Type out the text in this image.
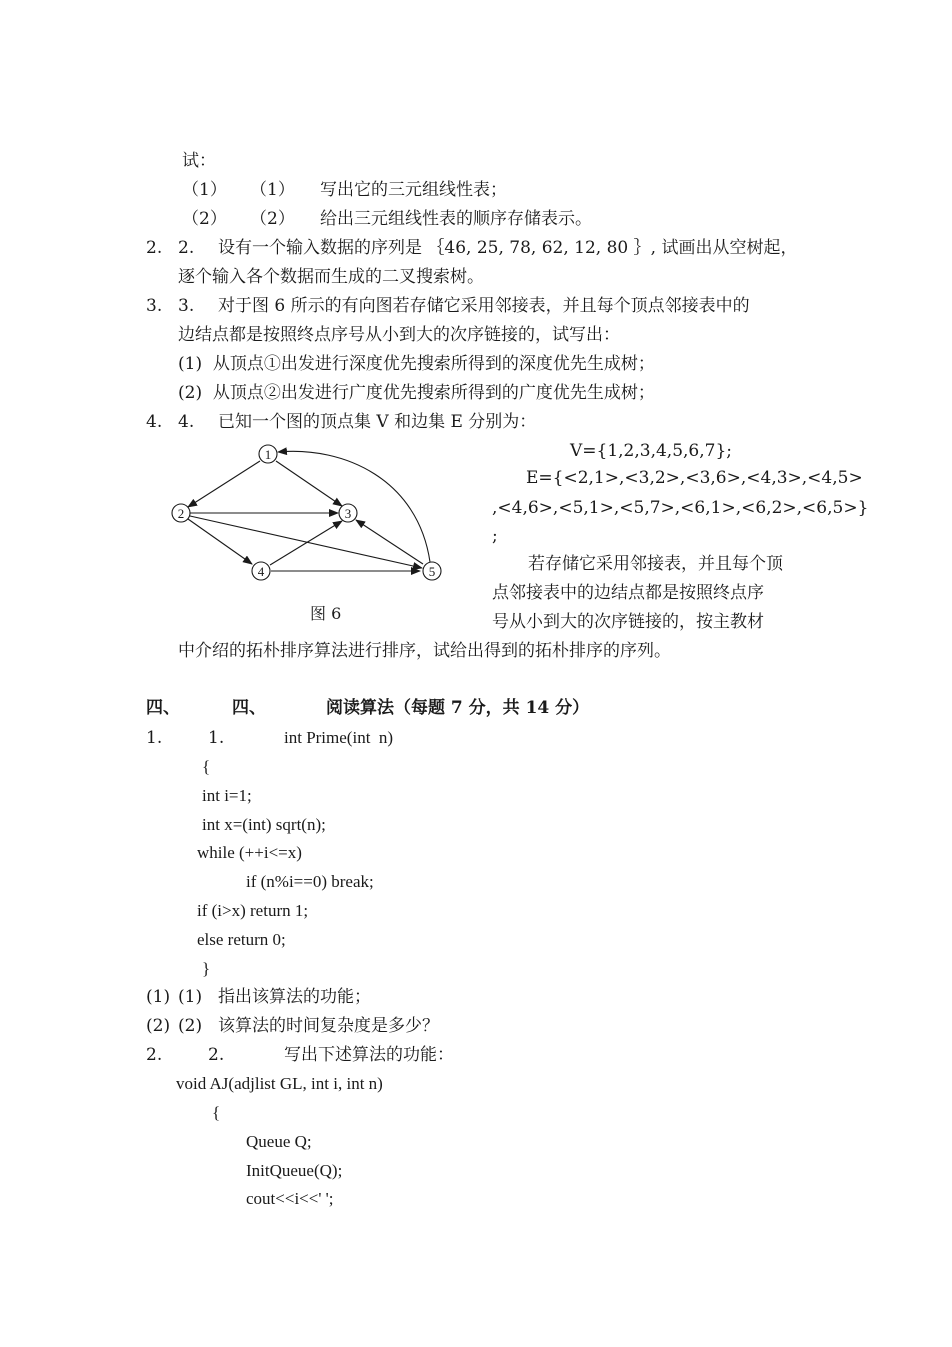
试：
（1） （1） 写出它的三元组线性表；
（2） （2） 给出三元组线性表的顺序存储表示。
2. 2. 设有一个输入数据的序列是 ｛46, 25, 78, 62, 12, 80 ｝, 试画出从空树起，
逐个输入各个数据而生成的二叉搜索树。
3. 3. 对于图 6 所示的有向图若存储它采用邻接表，并且每个顶点邻接表中的
边结点都是按照终点序号从小到大的次序链接的，试写出：
(1)  从顶点①出发进行深度优先搜索所得到的深度优先生成树；
(2)  从顶点②出发进行广度优先搜索所得到的广度优先生成树；
4. 4. 已知一个图的顶点集 V 和边集 E 分别为：
V={1,2,3,4,5,6,7};
E={<2,1>,<3,2>,<3,6>,<4,3>,<4,5>
,<4,6>,<5,1>,<5,7>,<6,1>,<6,2>,<6,5>}
;
若存储它采用邻接表，并且每个顶
点邻接表中的边结点都是按照终点序
号从小到大的次序链接的，按主教材
中介绍的拓朴排序算法进行排序，试给出得到的拓朴排序的序列。
1
2	3
4	5
图 6
四、	四、	阅读算法（每题 7 分，共 14 分）
1.	1.	int Prime(int  n)
{
int i=1;
int x=(int) sqrt(n);
while (++i<=x)
if (n%i==0) break;
if (i>x) return 1;
else return 0;
}
(1) (1) 指出该算法的功能；
(2) (2) 该算法的时间复杂度是多少？
2.	2.	写出下述算法的功能：
void AJ(adjlist GL, int i, int n)
{
Queue Q;
InitQueue(Q);
cout<<i<<' ';
